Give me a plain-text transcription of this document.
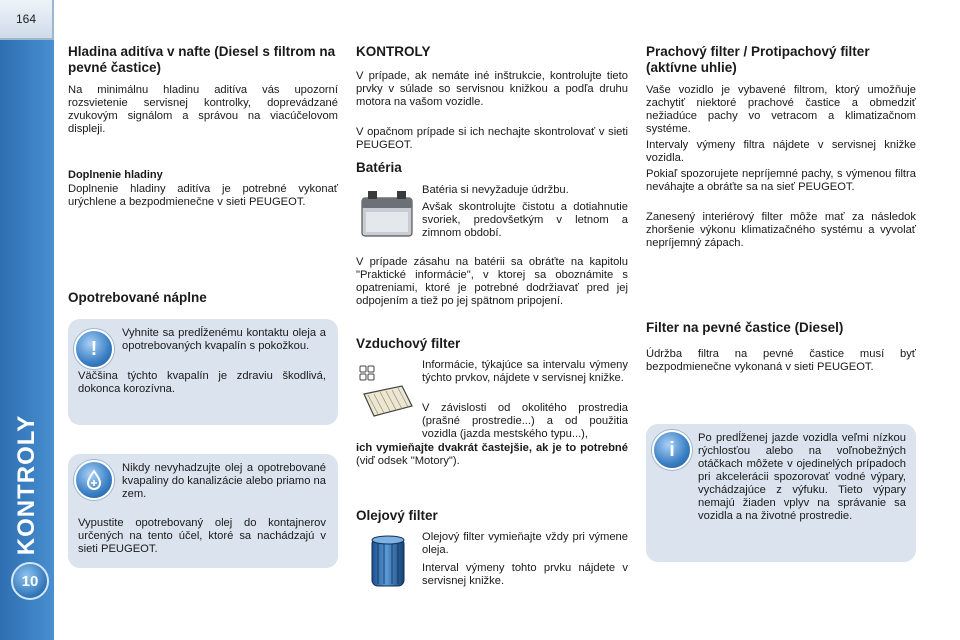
164
KONTROLY
10
Hladina aditíva v nafte (Diesel s filtrom na pevné častice)

Na minimálnu hladinu aditíva vás upozorní rozsvietenie servisnej kontrolky, doprevádzané zvukovým signálom a správou na viacúčelovom displeji.

Doplnenie hladiny

Doplnenie hladiny aditíva je potrebné vykonať urýchlene a bezpodmienečne v sieti PEUGEOT.

Opotrebované náplne
!

Vyhnite sa predĺženému kontaktu oleja a opotrebovaných kvapalín s pokožkou.

Väčšina týchto kvapalín je zdraviu škodlivá, dokonca korozívna.

Nikdy nevyhadzujte olej a opotrebované kvapaliny do kanalizácie alebo priamo na zem.

Vypustite opotrebovaný olej do kontajnerov určených na tento účel, ktoré sa nachádzajú v sieti PEUGEOT.

KONTROLY

V prípade, ak nemáte iné inštrukcie, kontrolujte tieto prvky v súlade so servisnou knižkou a podľa druhu motora na vašom vozidle.

V opačnom prípade si ich nechajte skontrolovať v sieti PEUGEOT.

Batéria

Batéria si nevyžaduje údržbu.

Avšak skontrolujte čistotu a dotiahnutie svoriek, predovšetkým v letnom a zimnom období.

V prípade zásahu na batérii sa obráťte na kapitolu "Praktické informácie", v ktorej sa oboznámite s opatreniami, ktoré je potrebné dodržiavať pred jej odpojením a tiež po jej spätnom pripojení.

Vzduchový filter

Informácie, týkajúce sa intervalu výmeny týchto prvkov, nájdete v servisnej knižke.

V závislosti od okolitého prostredia (prašné prostredie...) a od použitia vozidla (jazda mestského typu...),

ich vymieňajte dvakrát častejšie, ak je to potrebné (viď odsek "Motory").

Olejový filter

Olejový filter vymieňajte vždy pri výmene oleja.

Interval výmeny tohto prvku nájdete v servisnej knižke.

Prachový filter / Protipachový filter (aktívne uhlie)

Vaše vozidlo je vybavené filtrom, ktorý umožňuje zachytiť niektoré prachové častice a obmedziť nežiadúce pachy vo vetracom a klimatizačnom systéme.

Intervaly výmeny filtra nájdete v servisnej knižke vozidla.

Pokiaľ spozorujete nepríjemné pachy, s výmenou filtra neváhajte a obráťte sa na sieť PEUGEOT.

Zanesený interiérový filter môže mať za následok zhoršenie výkonu klimatizačného systému a vyvolať nepríjemný zápach.

Filter na pevné častice (Diesel)

Údržba filtra na pevné častice musí byť bezpodmienečne vykonaná v sieti PEUGEOT.

i

Po predĺženej jazde vozidla veľmi nízkou rýchlosťou alebo na voľnobežných otáčkach môžete v ojedinelých prípadoch pri akcelerácii spozorovať vodné výpary, vychádzajúce z výfuku. Tieto výpary nemajú žiaden vplyv na správanie sa vozidla a na životné prostredie.
